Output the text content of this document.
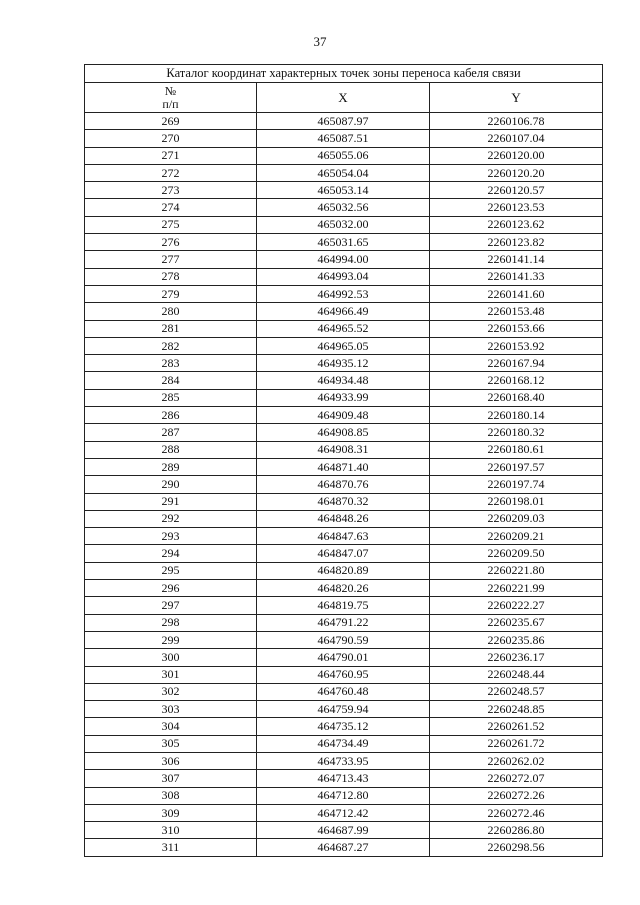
37
Каталог координат характерных точек зоны переноса кабеля связи		
№
п/п	X	Y
269	465087.97	2260106.78
270	465087.51	2260107.04
271	465055.06	2260120.00
272	465054.04	2260120.20
273	465053.14	2260120.57
274	465032.56	2260123.53
275	465032.00	2260123.62
276	465031.65	2260123.82
277	464994.00	2260141.14
278	464993.04	2260141.33
279	464992.53	2260141.60
280	464966.49	2260153.48
281	464965.52	2260153.66
282	464965.05	2260153.92
283	464935.12	2260167.94
284	464934.48	2260168.12
285	464933.99	2260168.40
286	464909.48	2260180.14
287	464908.85	2260180.32
288	464908.31	2260180.61
289	464871.40	2260197.57
290	464870.76	2260197.74
291	464870.32	2260198.01
292	464848.26	2260209.03
293	464847.63	2260209.21
294	464847.07	2260209.50
295	464820.89	2260221.80
296	464820.26	2260221.99
297	464819.75	2260222.27
298	464791.22	2260235.67
299	464790.59	2260235.86
300	464790.01	2260236.17
301	464760.95	2260248.44
302	464760.48	2260248.57
303	464759.94	2260248.85
304	464735.12	2260261.52
305	464734.49	2260261.72
306	464733.95	2260262.02
307	464713.43	2260272.07
308	464712.80	2260272.26
309	464712.42	2260272.46
310	464687.99	2260286.80
311	464687.27	2260298.56
